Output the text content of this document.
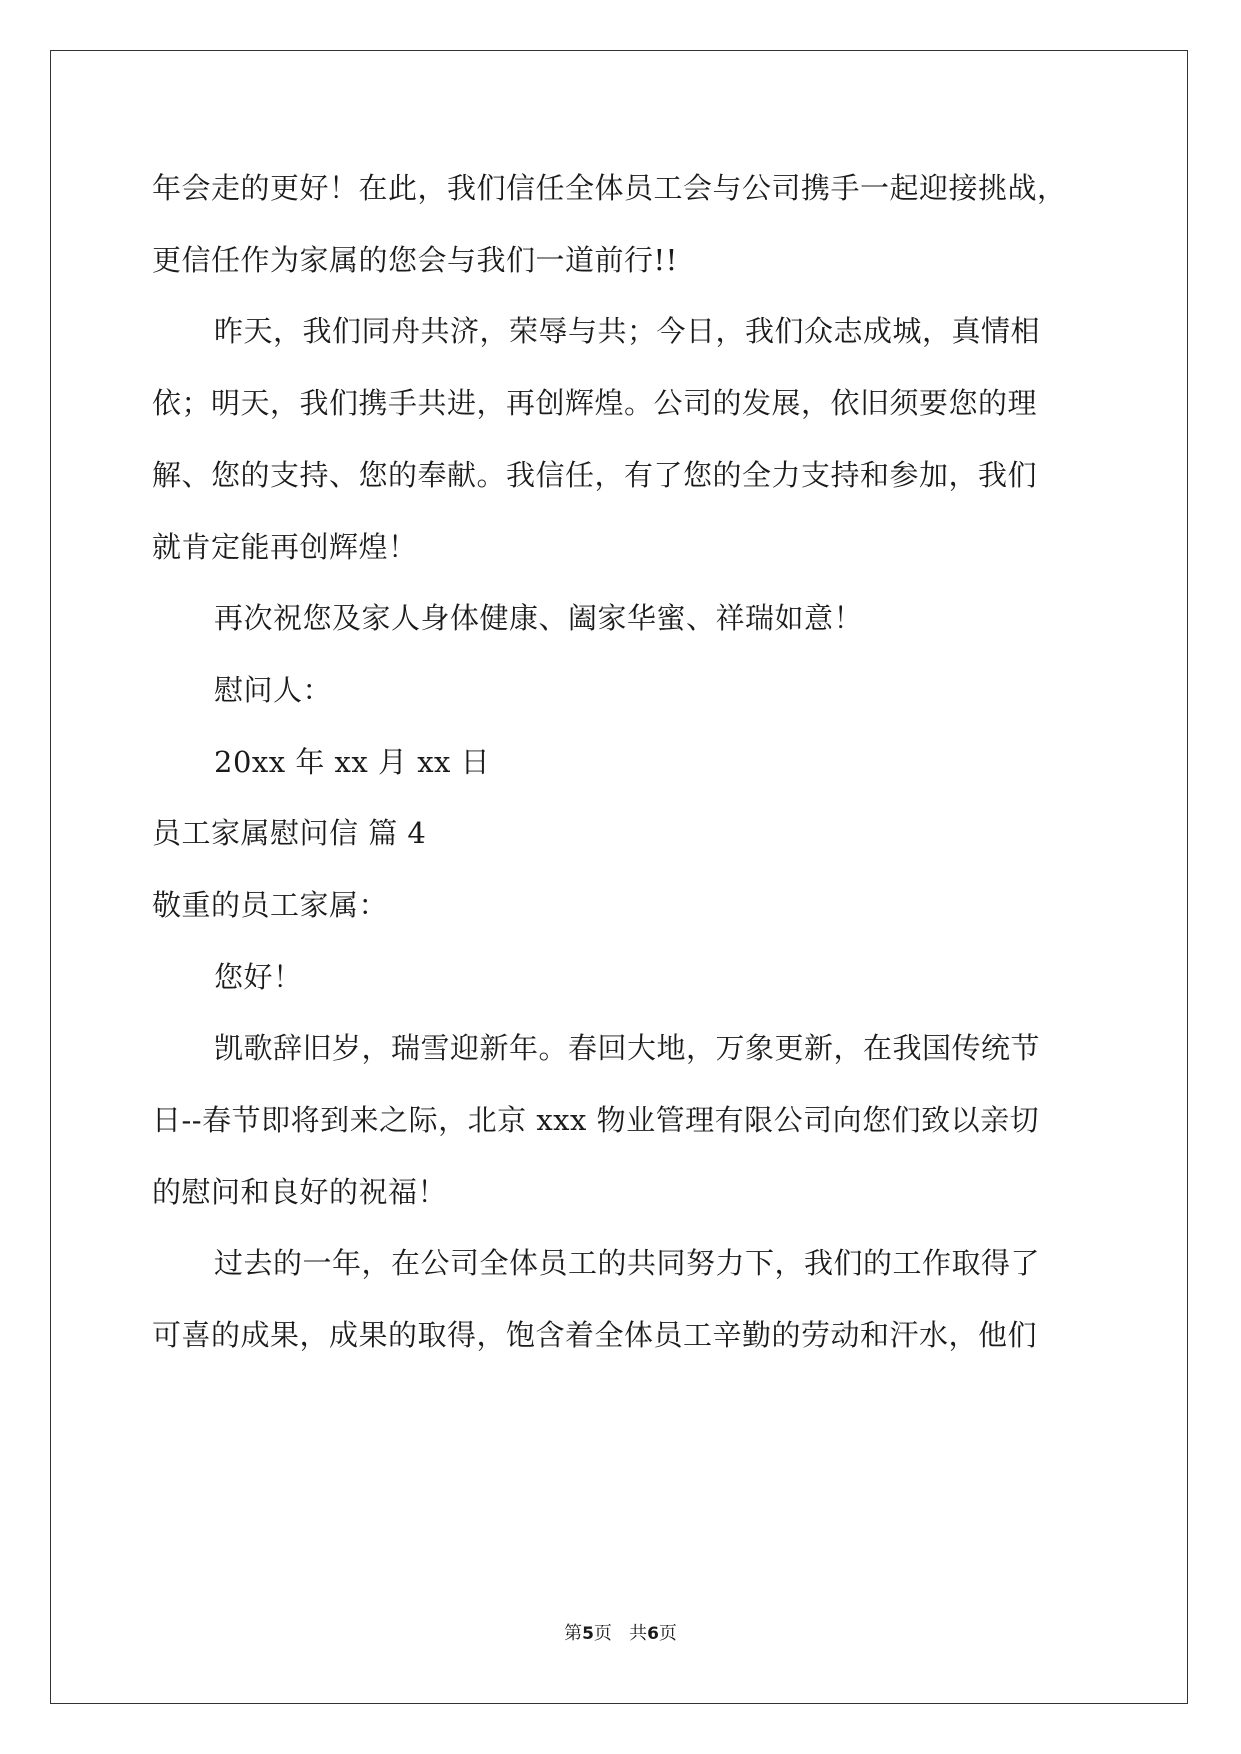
年会走的更好！在此，我们信任全体员工会与公司携手一起迎接挑战，
更信任作为家属的您会与我们一道前行!!
昨天，我们同舟共济，荣辱与共；今日，我们众志成城，真情相
依；明天，我们携手共进，再创辉煌。公司的发展，依旧须要您的理
解、您的支持、您的奉献。我信任，有了您的全力支持和参加，我们
就肯定能再创辉煌！
再次祝您及家人身体健康、阖家华蜜、祥瑞如意！
慰问人：
20xx 年 xx 月 xx 日
员工家属慰问信 篇 4
敬重的员工家属：
您好！
凯歌辞旧岁，瑞雪迎新年。春回大地，万象更新，在我国传统节
日--春节即将到来之际，北京 xxx 物业管理有限公司向您们致以亲切
的慰问和良好的祝福！
过去的一年，在公司全体员工的共同努力下，我们的工作取得了
可喜的成果，成果的取得，饱含着全体员工辛勤的劳动和汗水，他们
第5页   共6页
